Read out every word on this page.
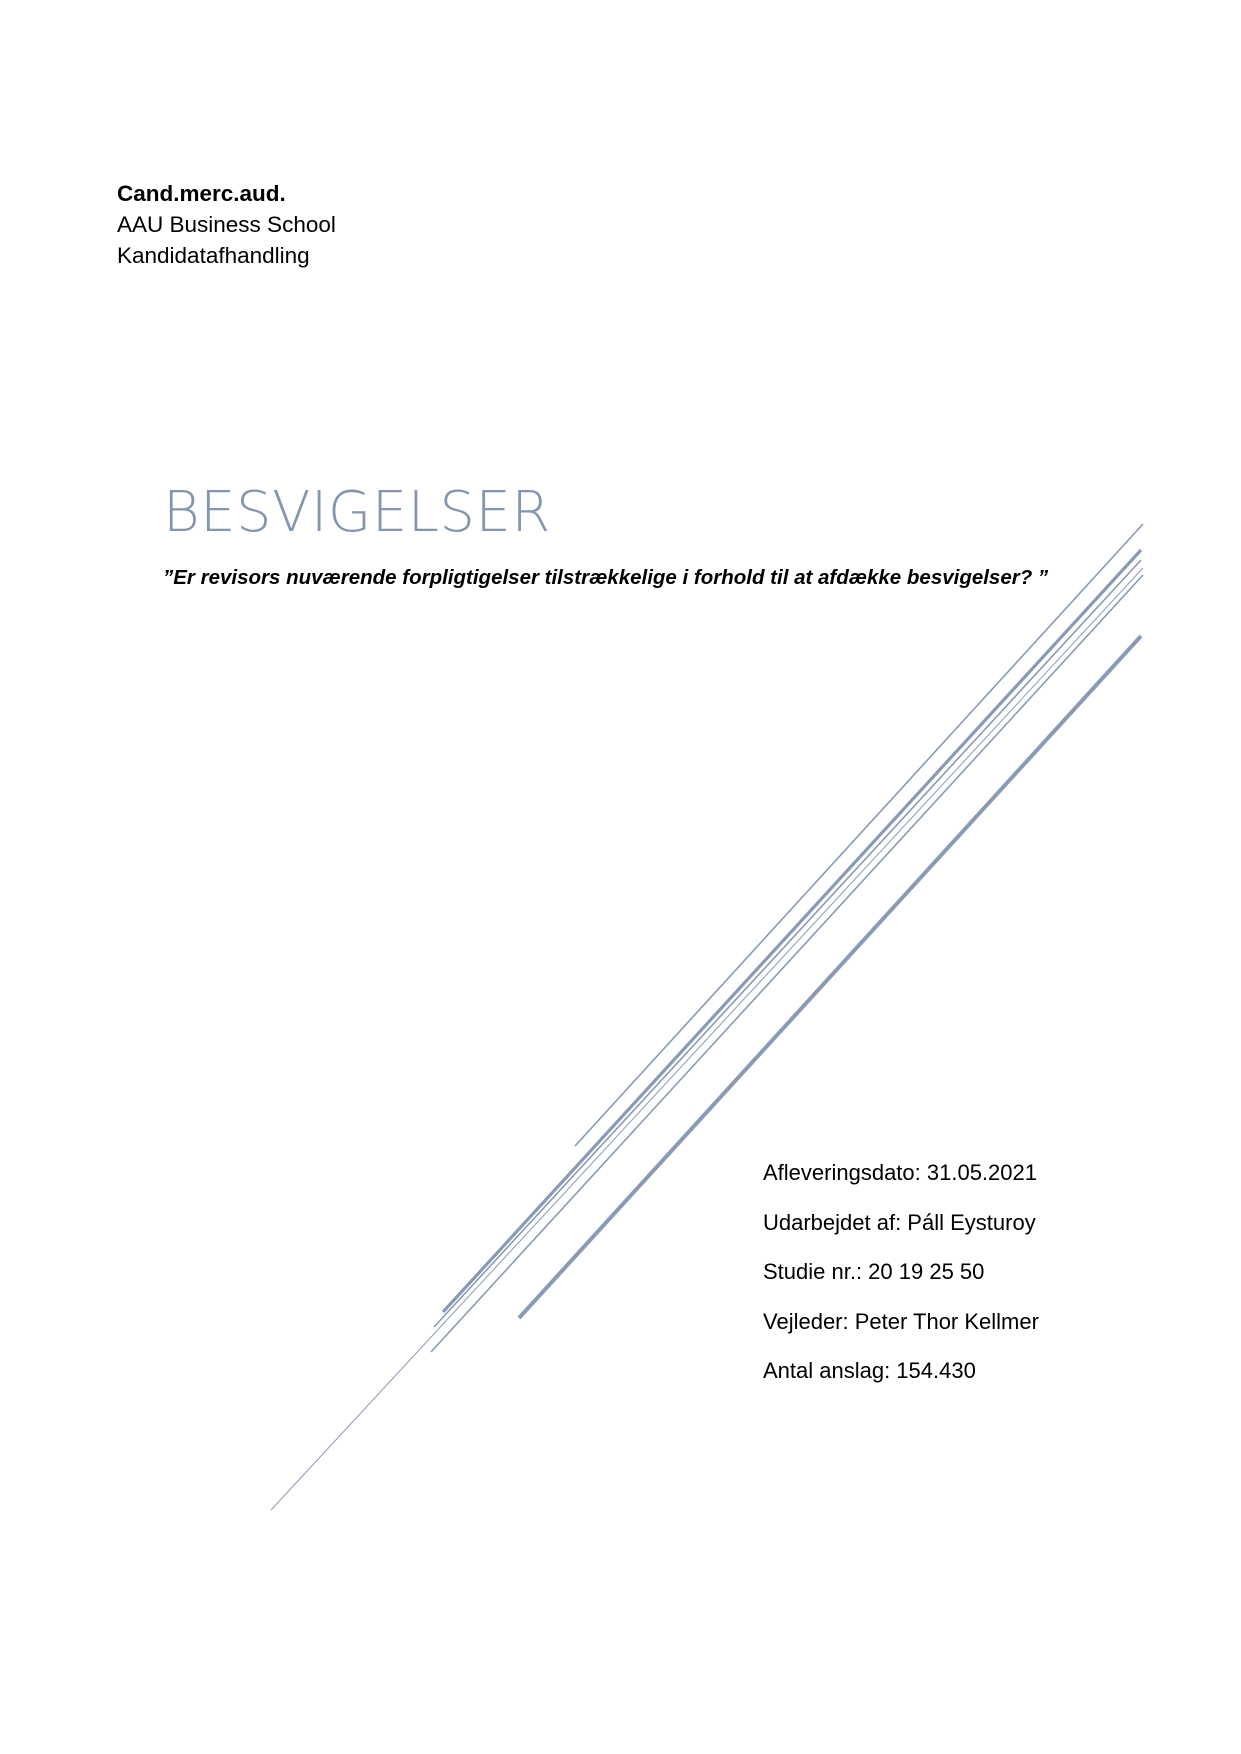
Cand.merc.aud.
AAU Business School
Kandidatafhandling
BESVIGELSER
”Er revisors nuværende forpligtigelser tilstrækkelige i forhold til at afdække besvigelser? ”
Afleveringsdato: 31.05.2021
Udarbejdet af: Páll Eysturoy
Studie nr.: 20 19 25 50
Vejleder: Peter Thor Kellmer
Antal anslag: 154.430
